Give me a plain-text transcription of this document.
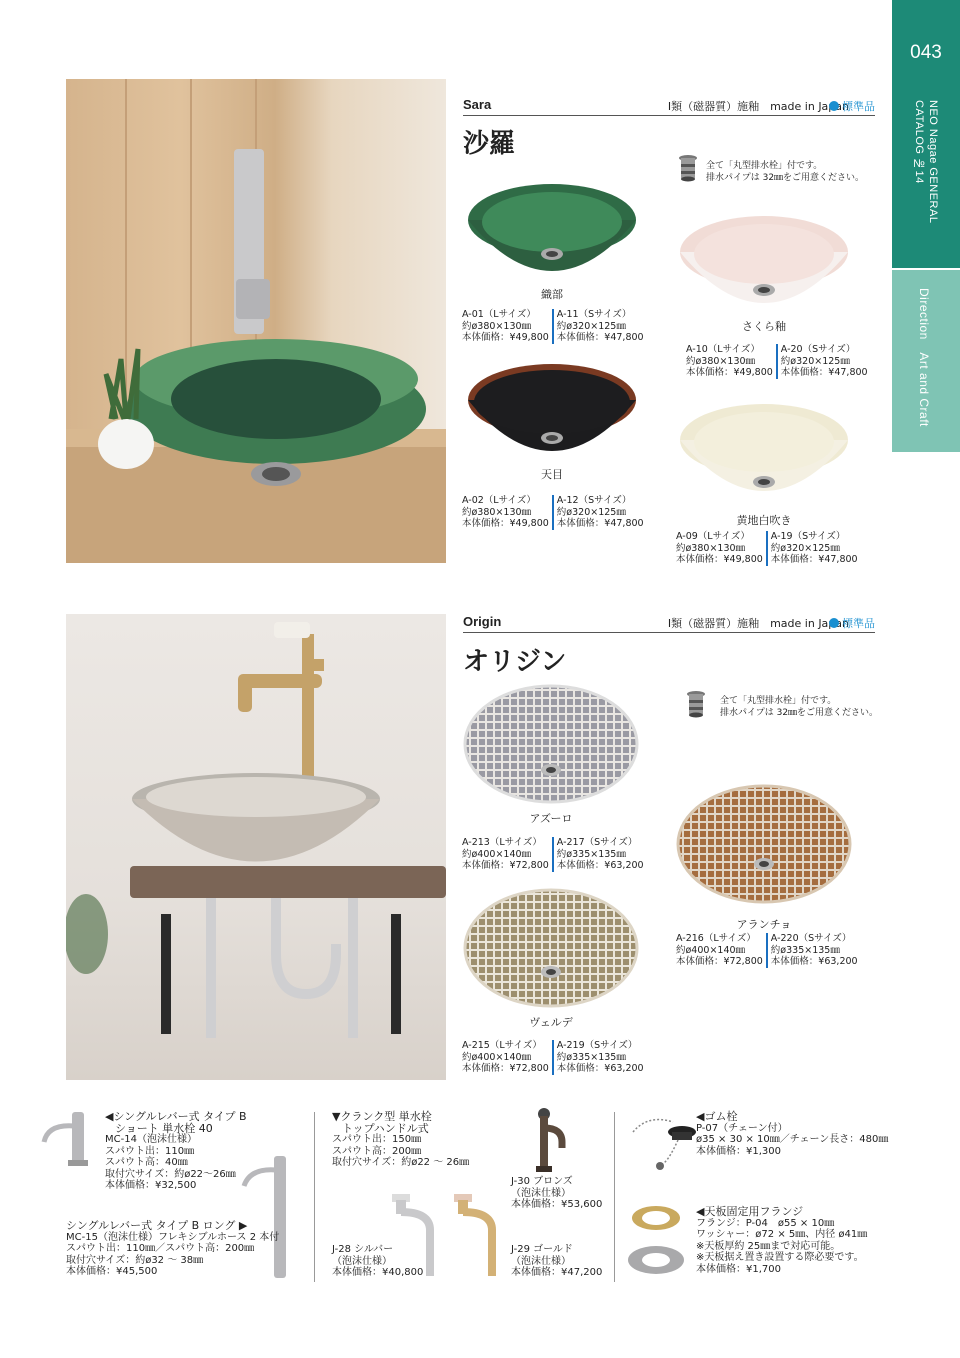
043
NEO Nagae GENERAL CATALOG №14
Direction　Art and Craft
Sara	Ⅰ類（磁器質）施釉　made in Japan
標準品
沙羅
全て「丸型排水栓」付です。
排水パイプは 32㎜をご用意ください。
織部
A-01（Lサイズ）
約ø380×130㎜
本体価格：¥49,800
A-11（Sサイズ）
約ø320×125㎜
本体価格：¥47,800
さくら釉
A-10（Lサイズ）
約ø380×130㎜
本体価格：¥49,800
A-20（Sサイズ）
約ø320×125㎜
本体価格：¥47,800
天目
A-02（Lサイズ）
約ø380×130㎜
本体価格：¥49,800
A-12（Sサイズ）
約ø320×125㎜
本体価格：¥47,800	黄地白吹き
A-09（Lサイズ）
約ø380×130㎜
本体価格：¥49,800
A-19（Sサイズ）
約ø320×125㎜
本体価格：¥47,800
Origin	Ⅰ類（磁器質）施釉　made in Japan
標準品
オリジン
全て「丸型排水栓」付です。
排水パイプは 32㎜をご用意ください。
アズーロ
A-213（Lサイズ）
約ø400×140㎜
本体価格：¥72,800
A-217（Sサイズ）
約ø335×135㎜
本体価格：¥63,200
アランチョ
A-216（Lサイズ）
約ø400×140㎜
本体価格：¥72,800
A-220（Sサイズ）
約ø335×135㎜
本体価格：¥63,200
ヴェルデ
A-215（Lサイズ）
約ø400×140㎜
本体価格：¥72,800
A-219（Sサイズ）
約ø335×135㎜
本体価格：¥63,200
◀シングルレバー式 タイプ B
ショート 単水栓 40
MC-14（泡沫仕様）
スパウト出：110㎜
スパウト高：40㎜
取付穴サイズ：約ø22～26㎜
本体価格：¥32,500
シングルレバー式 タイプ B ロング ▶
MC-15（泡沫仕様）フレキシブルホース 2 本付
スパウト出：110㎜／スパウト高：200㎜
取付穴サイズ：約ø32 ～ 38㎜
本体価格：¥45,500
▼クランク型 単水栓
トップハンドル式
スパウト出：150㎜
スパウト高：200㎜
取付穴サイズ：約ø22 ～ 26㎜
J-30 ブロンズ
（泡沫仕様）
本体価格：¥53,600
J-28 シルバー
（泡沫仕様）
本体価格：¥40,800
J-29 ゴールド
（泡沫仕様）
本体価格：¥47,200
◀ゴム栓
P-07（チェーン付）
ø35 × 30 × 10㎜／チェーン長さ：480㎜
本体価格：¥1,300
◀天板固定用フランジ
フランジ：P-04　ø55 × 10㎜
ワッシャー：ø72 × 5㎜、内径 ø41㎜
※天板厚約 25㎜まで対応可能。
※天板据え置き設置する際必要です。
本体価格：¥1,700
